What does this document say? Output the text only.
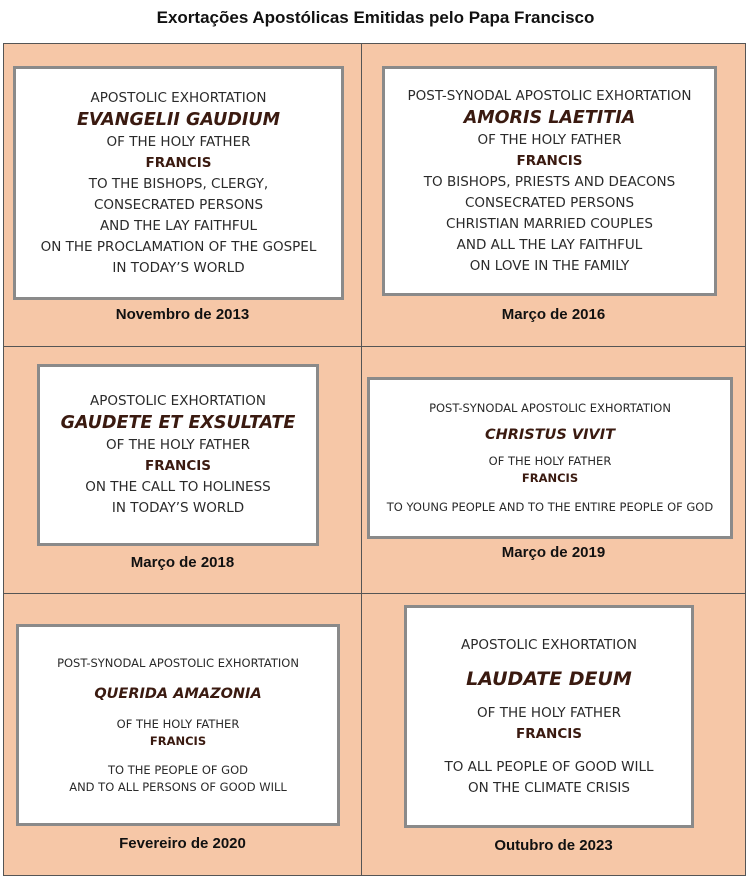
Exortações Apostólicas Emitidas pelo Papa Francisco
APOSTOLIC EXHORTATION
EVANGELII GAUDIUM
OF THE HOLY FATHER
FRANCIS
TO THE BISHOPS, CLERGY,
CONSECRATED PERSONS
AND THE LAY FAITHFUL
ON THE PROCLAMATION OF THE GOSPEL
IN TODAY’S WORLD
Novembro de 2013
POST-SYNODAL APOSTOLIC EXHORTATION
AMORIS LAETITIA
OF THE HOLY FATHER
FRANCIS
TO BISHOPS, PRIESTS AND DEACONS
CONSECRATED PERSONS
CHRISTIAN MARRIED COUPLES
AND ALL THE LAY FAITHFUL
ON LOVE IN THE FAMILY
Março de 2016
APOSTOLIC EXHORTATION
GAUDETE ET EXSULTATE
OF THE HOLY FATHER
FRANCIS
ON THE CALL TO HOLINESS
IN TODAY’S WORLD
Março de 2018
POST-SYNODAL APOSTOLIC EXHORTATION
CHRISTUS VIVIT
OF THE HOLY FATHER
FRANCIS
TO YOUNG PEOPLE AND TO THE ENTIRE PEOPLE OF GOD
Março de 2019
POST-SYNODAL APOSTOLIC EXHORTATION
QUERIDA AMAZONIA
OF THE HOLY FATHER
FRANCIS
TO THE PEOPLE OF GOD
AND TO ALL PERSONS OF GOOD WILL
Fevereiro de 2020
APOSTOLIC EXHORTATION
LAUDATE DEUM
OF THE HOLY FATHER
FRANCIS
TO ALL PEOPLE OF GOOD WILL
ON THE CLIMATE CRISIS
Outubro de 2023
